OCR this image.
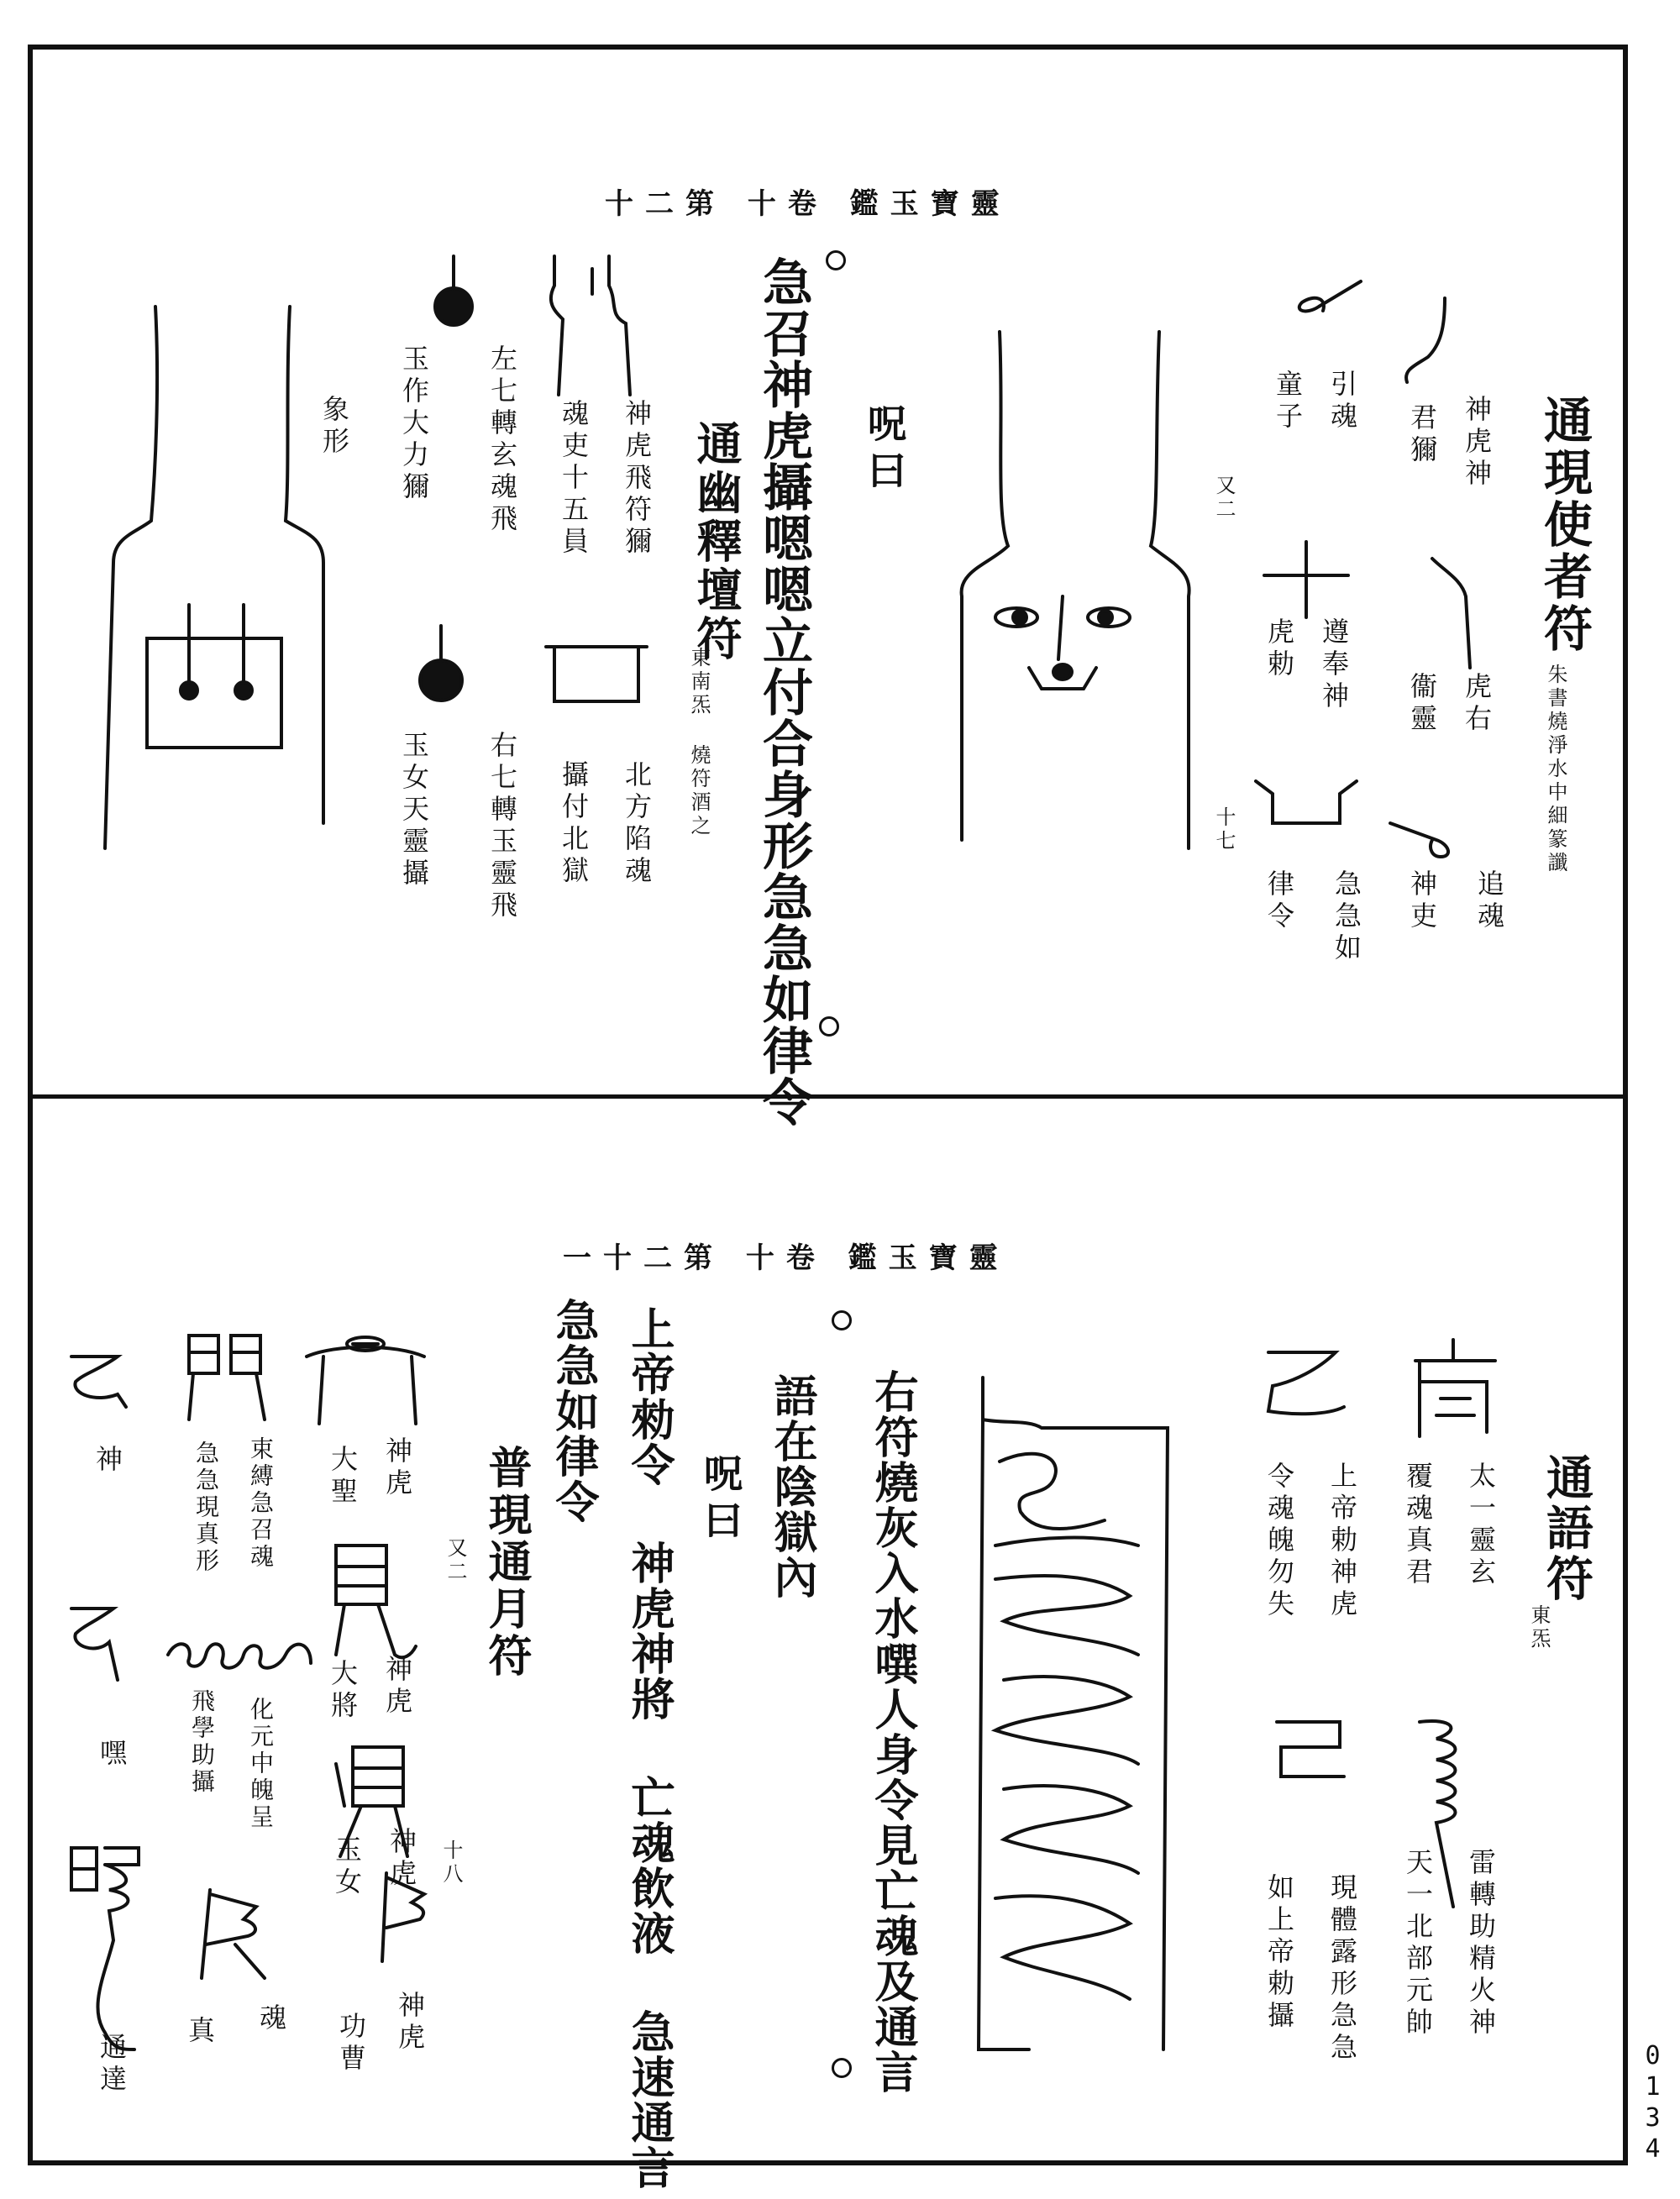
靈寶玉鑑 卷十 第二十
通現使者符
朱書燒淨水中細篆讖
神虎神
君獮
引魂
童子
虎右
衞靈
追魂
神吏
遵奉神
虎勅
急急如
律令
又二
十七
呪曰
急召神虎攝嗯嗯立付合身形急急如律令
通幽釋壇符
東南炁 燒符酒之
神虎飛符獮
魂吏十五員
北方陷魂
攝付北獄
左七轉玄魂飛
右七轉玉靈飛
玉作大力獮
玉女天靈攝
象形
靈寶玉鑑 卷十 第二十一
通語符
東炁
太一靈玄
覆魂真君
上帝勅神虎
令魂魄勿失
雷轉助精火神
天一北部元帥
現體露形急急
如上帝勅攝
右符燒灰入水噀人身令見亡魂及通言
語在陰獄內
呪曰
上帝勑令 神虎神將 亡魂飲液 急速通言
急急如律令
普現通月符
又二
十八
神虎
大聖
神虎
大將
神虎
玉女
神虎
功曹
束縛急召魂
急急現真形
化元中魄呈
飛學助攝
魂
真
神
嘿
通達	0134
